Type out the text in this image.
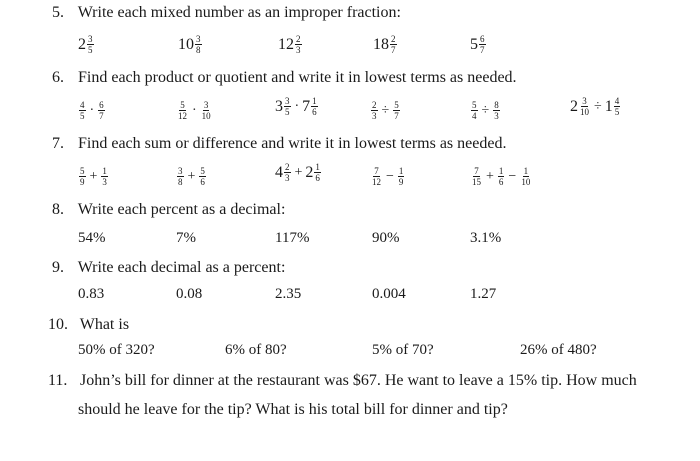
5. Write each mixed number as an improper fraction:
$2 \frac{3}{5}$	$10 \frac{3}{8}$	$12 \frac{2}{3}$	$18 \frac{2}{7}$	$5 \frac{6}{7}$
6. Find each product or quotient and write it in lowest terms as needed.
$\frac{4}{5} \cdot \frac{6}{7}$	$\frac{5}{12} \cdot \frac{3}{10}$	$3 \frac{3}{5} \cdot 7 \frac{1}{6}$	$\frac{2}{3} \div \frac{5}{7}$	$\frac{5}{4} \div \frac{8}{3}$	$2 \frac{3}{10} \div 1 \frac{4}{5}$
7. Find each sum or difference and write it in lowest terms as needed.
$\frac{5}{9} + \frac{1}{3}$	$\frac{3}{8} + \frac{5}{6}$	$4 \frac{2}{3} + 2 \frac{1}{6}$	$\frac{7}{12} - \frac{1}{9}$	$\frac{7}{15} + \frac{1}{6} - \frac{1}{10}$
8. Write each percent as a decimal:
54%	7%	117%	90%	3.1%
9. Write each decimal as a percent:
0.83	0.08	2.35	0.004	1.27
10. What is
50% of 320?	6% of 80?	5% of 70?	26% of 480?
11. John’s bill for dinner at the restaurant was $67. He want to leave a 15% tip. How much
should he leave for the tip? What is his total bill for dinner and tip?
